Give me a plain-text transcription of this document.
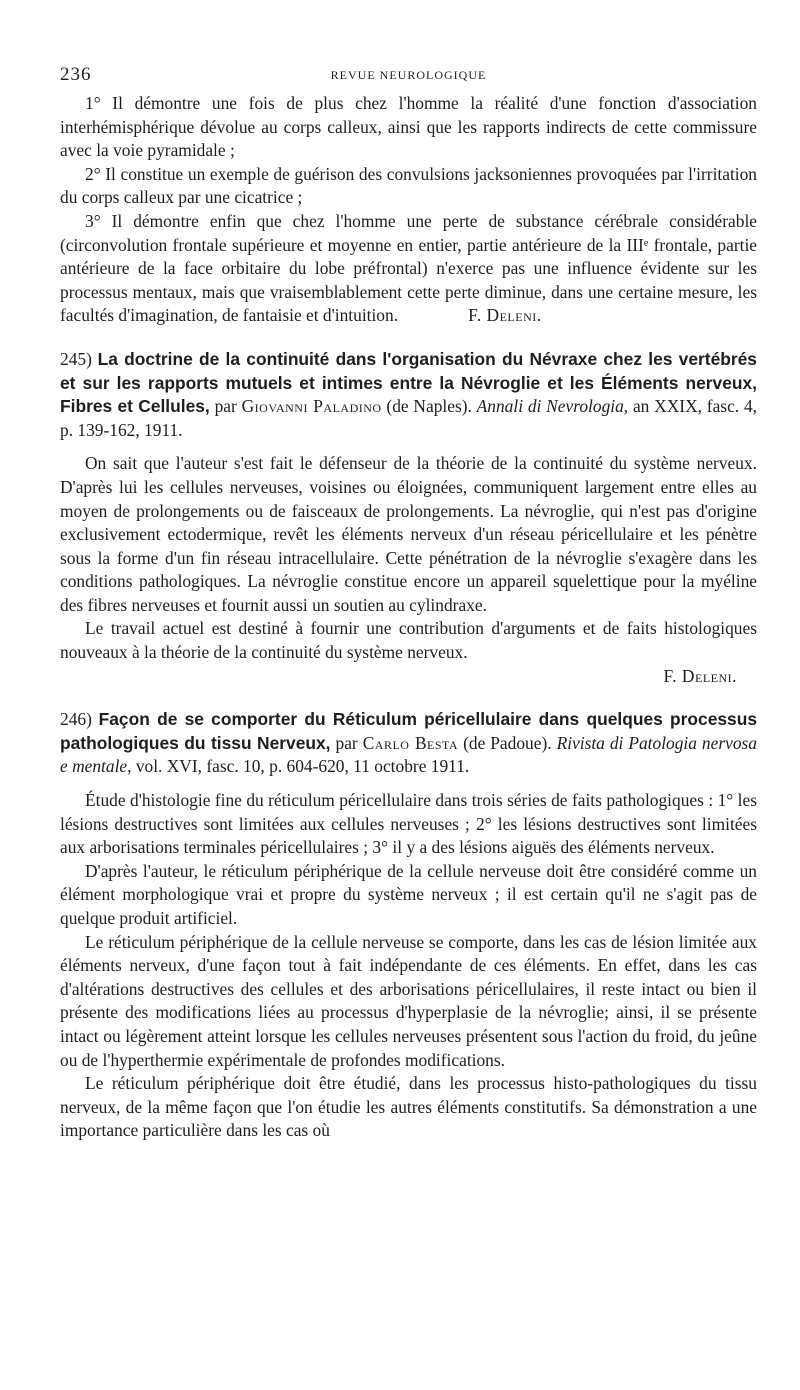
236	REVUE NEUROLOGIQUE

1° Il démontre une fois de plus chez l'homme la réalité d'une fonction d'association interhémisphérique dévolue au corps calleux, ainsi que les rapports indirects de cette commissure avec la voie pyramidale ;

2° Il constitue un exemple de guérison des convulsions jacksoniennes provoquées par l'irritation du corps calleux par une cicatrice ;

3° Il démontre enfin que chez l'homme une perte de substance cérébrale considérable (circonvolution frontale supérieure et moyenne en entier, partie antérieure de la IIIᵉ frontale, partie antérieure de la face orbitaire du lobe préfrontal) n'exerce pas une influence évidente sur les processus mentaux, mais que vraisemblablement cette perte diminue, dans une certaine mesure, les facultés d'imagination, de fantaisie et d'intuition.	F. Deleni.

245) La doctrine de la continuité dans l'organisation du Névraxe chez les vertébrés et sur les rapports mutuels et intimes entre la Névroglie et les Éléments nerveux, Fibres et Cellules, par Giovanni Paladino (de Naples). Annali di Nevrologia, an XXIX, fasc. 4, p. 139-162, 1911.

On sait que l'auteur s'est fait le défenseur de la théorie de la continuité du système nerveux. D'après lui les cellules nerveuses, voisines ou éloignées, communiquent largement entre elles au moyen de prolongements ou de faisceaux de prolongements. La névroglie, qui n'est pas d'origine exclusivement ectodermique, revêt les éléments nerveux d'un réseau péricellulaire et les pénètre sous la forme d'un fin réseau intracellulaire. Cette pénétration de la névroglie s'exagère dans les conditions pathologiques. La névroglie constitue encore un appareil squelettique pour la myéline des fibres nerveuses et fournit aussi un soutien au cylindraxe.

Le travail actuel est destiné à fournir une contribution d'arguments et de faits histologiques nouveaux à la théorie de la continuité du système nerveux.

F. Deleni.

246) Façon de se comporter du Réticulum péricellulaire dans quelques processus pathologiques du tissu Nerveux, par Carlo Besta (de Padoue). Rivista di Patologia nervosa e mentale, vol. XVI, fasc. 10, p. 604-620, 11 octobre 1911.

Étude d'histologie fine du réticulum péricellulaire dans trois séries de faits pathologiques : 1° les lésions destructives sont limitées aux cellules nerveuses ; 2° les lésions destructives sont limitées aux arborisations terminales péricellulaires ; 3° il y a des lésions aiguës des éléments nerveux.

D'après l'auteur, le réticulum périphérique de la cellule nerveuse doit être considéré comme un élément morphologique vrai et propre du système nerveux ; il est certain qu'il ne s'agit pas de quelque produit artificiel.

Le réticulum périphérique de la cellule nerveuse se comporte, dans les cas de lésion limitée aux éléments nerveux, d'une façon tout à fait indépendante de ces éléments. En effet, dans les cas d'altérations destructives des cellules et des arborisations péricellulaires, il reste intact ou bien il présente des modifications liées au processus d'hyperplasie de la névroglie; ainsi, il se présente intact ou légèrement atteint lorsque les cellules nerveuses présentent sous l'action du froid, du jeûne ou de l'hyperthermie expérimentale de profondes modifications.

Le réticulum périphérique doit être étudié, dans les processus histo-pathologiques du tissu nerveux, de la même façon que l'on étudie les autres éléments constitutifs. Sa démonstration a une importance particulière dans les cas où
